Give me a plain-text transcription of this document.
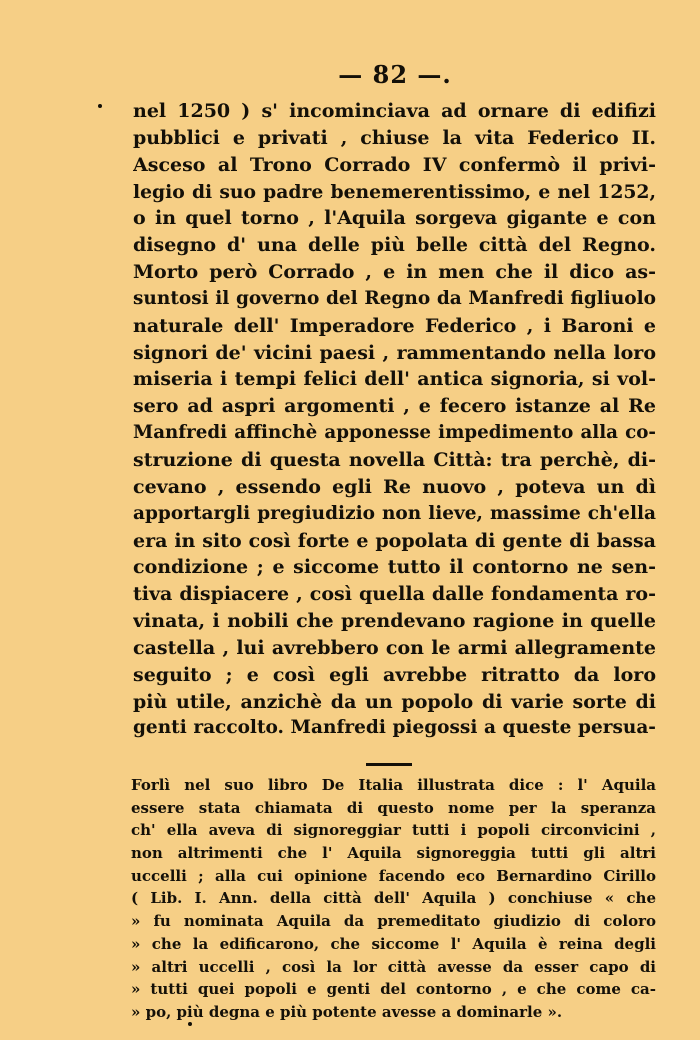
— 82 —.
nel 1250 ) s' incominciava ad ornare di edifizi
pubblici e privati , chiuse la vita Federico II.
Asceso al Trono Corrado IV confermò il privi-
legio di suo padre benemerentissimo, e nel 1252,
o in quel torno , l'Aquila sorgeva gigante e con
disegno d' una delle più belle città del Regno.
Morto però Corrado , e in men che il dico as-
suntosi il governo del Regno da Manfredi figliuolo
naturale dell' Imperadore Federico , i Baroni e
signori de' vicini paesi , rammentando nella loro
miseria i tempi felici dell' antica signoria, si vol-
sero ad aspri argomenti , e fecero istanze al Re
Manfredi affinchè apponesse impedimento alla co-
struzione di questa novella Città: tra perchè, di-
cevano , essendo egli Re nuovo , poteva un dì
apportargli pregiudizio non lieve, massime ch'ella
era in sito così forte e popolata di gente di bassa
condizione ; e siccome tutto il contorno ne sen-
tiva dispiacere , così quella dalle fondamenta ro-
vinata, i nobili che prendevano ragione in quelle
castella , lui avrebbero con le armi allegramente
seguito ; e così egli avrebbe ritratto da loro
più utile, anzichè da un popolo di varie sorte di
genti raccolto. Manfredi piegossi a queste persua-
Forlì nel suo libro De Italia illustrata dice : l' Aquila
essere stata chiamata di questo nome per la speranza
ch' ella aveva di signoreggiar tutti i popoli circonvicini ,
non altrimenti che l' Aquila signoreggia tutti gli altri
uccelli ; alla cui opinione facendo eco Bernardino Cirillo
( Lib. I. Ann. della città dell' Aquila ) conchiuse « che
» fu nominata Aquila da premeditato giudizio di coloro
» che la edificarono, che siccome l' Aquila è reina degli
» altri uccelli , così la lor città avesse da esser capo di
» tutti quei popoli e genti del contorno , e che come ca-
» po, più degna e più potente avesse a dominarle ».
